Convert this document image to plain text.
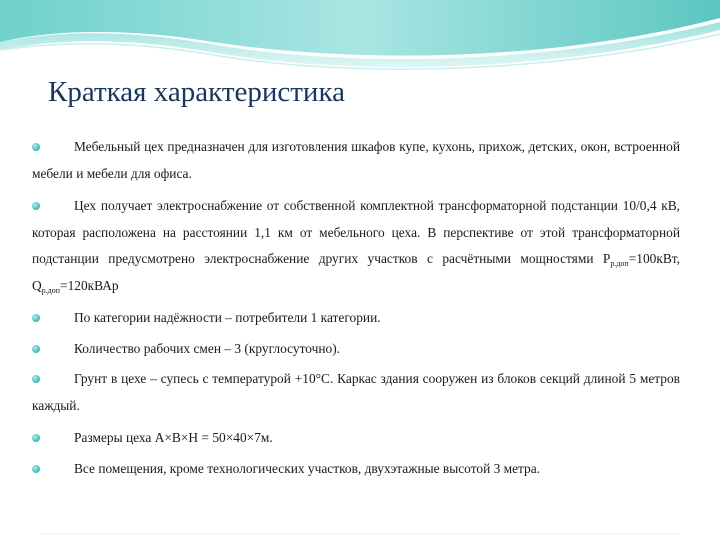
Краткая характеристика

Мебельный цех предназначен для изготовления шкафов купе, кухонь, прихож, детских, окон, встроенной мебели и мебели для офиса.

Цех получает электроснабжение от собственной комплектной трансформаторной подстанции 10/0,4 кВ, которая расположена на расстоянии 1,1 км от мебельного цеха. В перспективе от этой трансформаторной подстанции предусмотрено электроснабжение других участков с расчётными мощностями $P_{р.доп}=100кВт$, $Q_{р.доп}=120кВАр$

По категории надёжности – потребители 1 категории.

Количество рабочих смен – 3 (круглосуточно).

Грунт в цехе – супесь с температурой +10°С. Каркас здания сооружен из блоков секций длиной 5 метров каждый.

Размеры цеха А×В×Н = 50×40×7м.

Все помещения, кроме технологических участков, двухэтажные высотой 3 метра.
